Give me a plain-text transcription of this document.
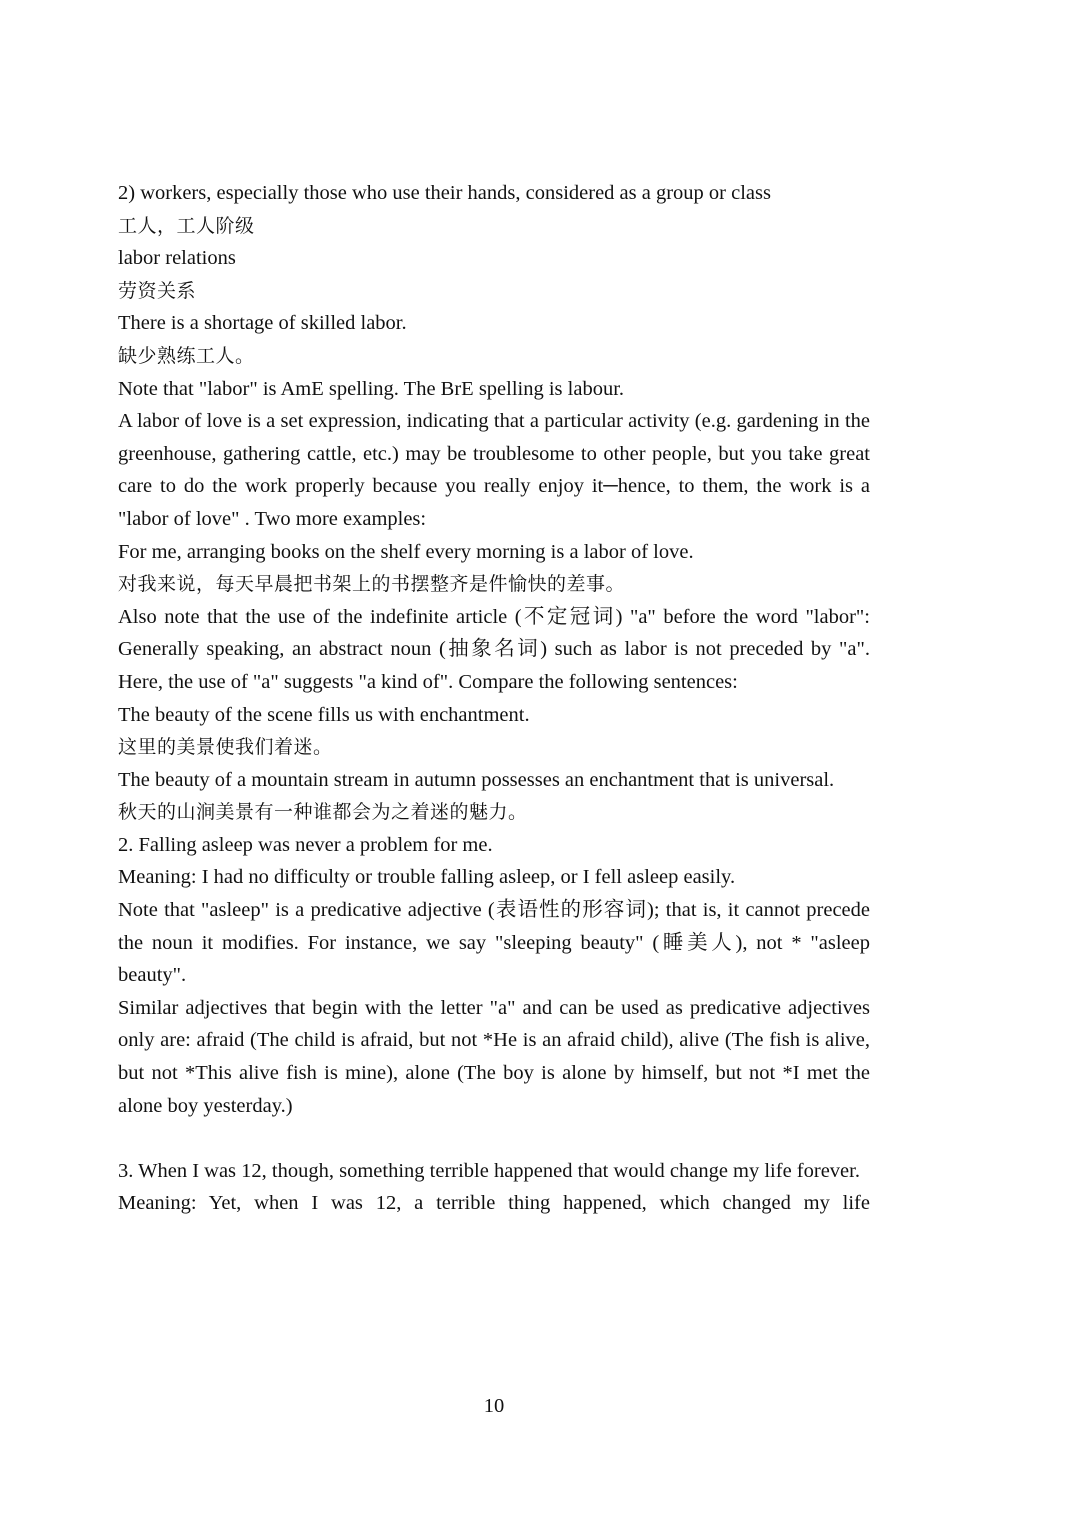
2) workers, especially those who use their hands, considered as a group or class
工人，工人阶级
labor relations
劳资关系
There is a shortage of skilled labor.
缺少熟练工人。
Note that "labor" is AmE spelling. The BrE spelling is labour.
A labor of love is a set expression, indicating that a particular activity (e.g. gardening in the greenhouse, gathering cattle, etc.) may be troublesome to other people, but you take great care to do the work properly because you really enjoy it─hence, to them, the work is a "labor of love" . Two more examples:
For me, arranging books on the shelf every morning is a labor of love.
对我来说，每天早晨把书架上的书摆整齐是件愉快的差事。
Also note that the use of the indefinite article (不定冠词) "a" before the word "labor": Generally speaking, an abstract noun (抽象名词) such as labor is not preceded by "a". Here, the use of "a" suggests "a kind of". Compare the following sentences:
The beauty of the scene fills us with enchantment.
这里的美景使我们着迷。
The beauty of a mountain stream in autumn possesses an enchantment that is universal.
秋天的山涧美景有一种谁都会为之着迷的魅力。
2. Falling asleep was never a problem for me.
Meaning: I had no difficulty or trouble falling asleep, or I fell asleep easily.
Note that "asleep" is a predicative adjective (表语性的形容词); that is, it cannot precede the noun it modifies. For instance, we say "sleeping beauty" (睡美人), not * "asleep beauty".
Similar adjectives that begin with the letter "a" and can be used as predicative adjectives only are: afraid (The child is afraid, but not *He is an afraid child), alive (The fish is alive, but not *This alive fish is mine), alone (The boy is alone by himself, but not *I met the alone boy yesterday.)
3. When I was 12, though, something terrible happened that would change my life forever.
Meaning: Yet, when I was 12, a terrible thing happened, which changed my life
10
